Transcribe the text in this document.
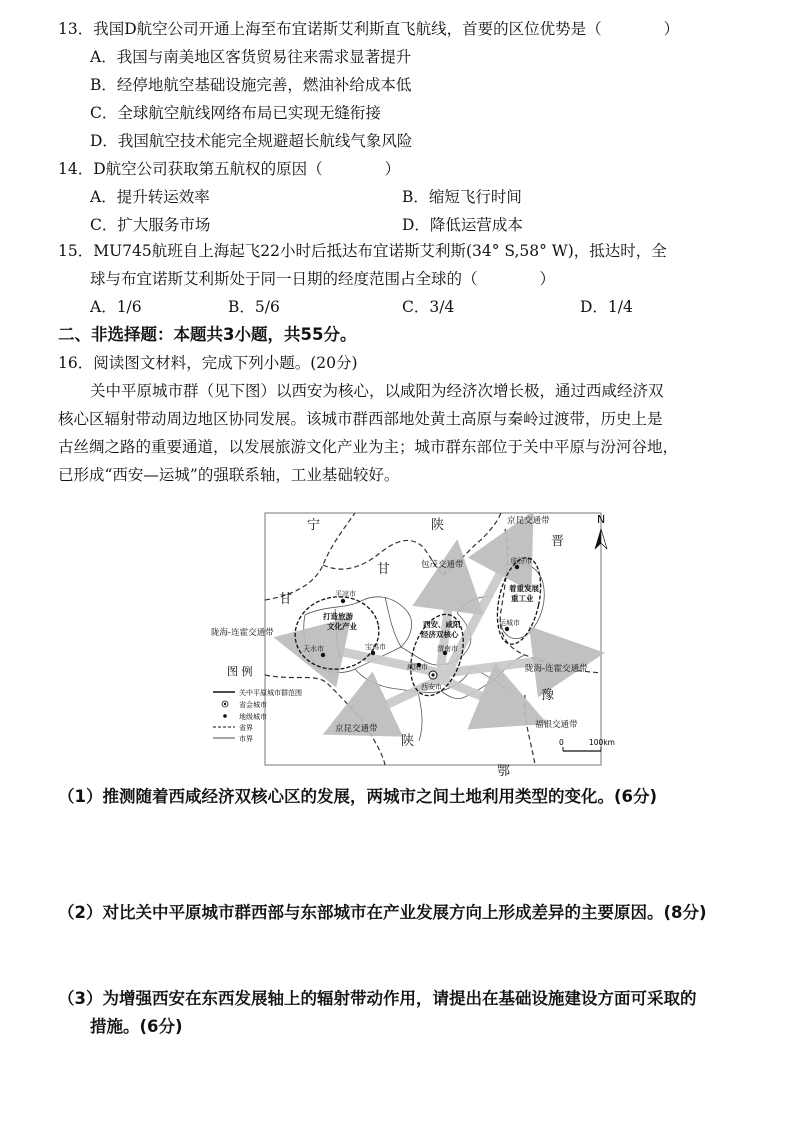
13．我国D航空公司开通上海至布宜诺斯艾利斯直飞航线，首要的区位优势是（　　　　）
A．我国与南美地区客货贸易往来需求显著提升
B．经停地航空基础设施完善，燃油补给成本低
C．全球航空航线网络布局已实现无缝衔接
D．我国航空技术能完全规避超长航线气象风险
14．D航空公司获取第五航权的原因（　　　　）
A．提升转运效率	B．缩短飞行时间
C．扩大服务市场	D．降低运营成本
15．MU745航班自上海起飞22小时后抵达布宜诺斯艾利斯(34° S,58° W)，抵达时，全
球与布宜诺斯艾利斯处于同一日期的经度范围占全球的（　　　　）
A．1/6	B．5/6	C．3/4	D．1/4
二、非选择题：本题共3小题，共55分。
16．阅读图文材料，完成下列小题。(20分)
关中平原城市群（见下图）以西安为核心，以咸阳为经济次增长极，通过西咸经济双
核心区辐射带动周边地区协同发展。该城市群西部地处黄土高原与秦岭过渡带，历史上是
古丝绸之路的重要通道，以发展旅游文化产业为主；城市群东部位于关中平原与汾河谷地，
已形成“西安—运城”的强联系轴，工业基础较好。
宁	陕
甘
甘
晋
豫
陕
鄂
京昆交通带
包茂交通带
陇海-连霍交通带
陇海-连霍交通带
京昆交通带	福银交通带
平凉市
天水市	宝鸡市
咸阳市
渭南市
西安市
临汾市
运城市
打造旅游
文化产业	西安、咸阳
经济双核心
着重发展
重工业
N
0	100km
图 例
关中平原城市群范围
省会城市
地级城市
省界
市界
（1）推测随着西咸经济双核心区的发展，两城市之间土地利用类型的变化。(6分)
（2）对比关中平原城市群西部与东部城市在产业发展方向上形成差异的主要原因。(8分)
（3）为增强西安在东西发展轴上的辐射带动作用，请提出在基础设施建设方面可采取的
措施。(6分)
